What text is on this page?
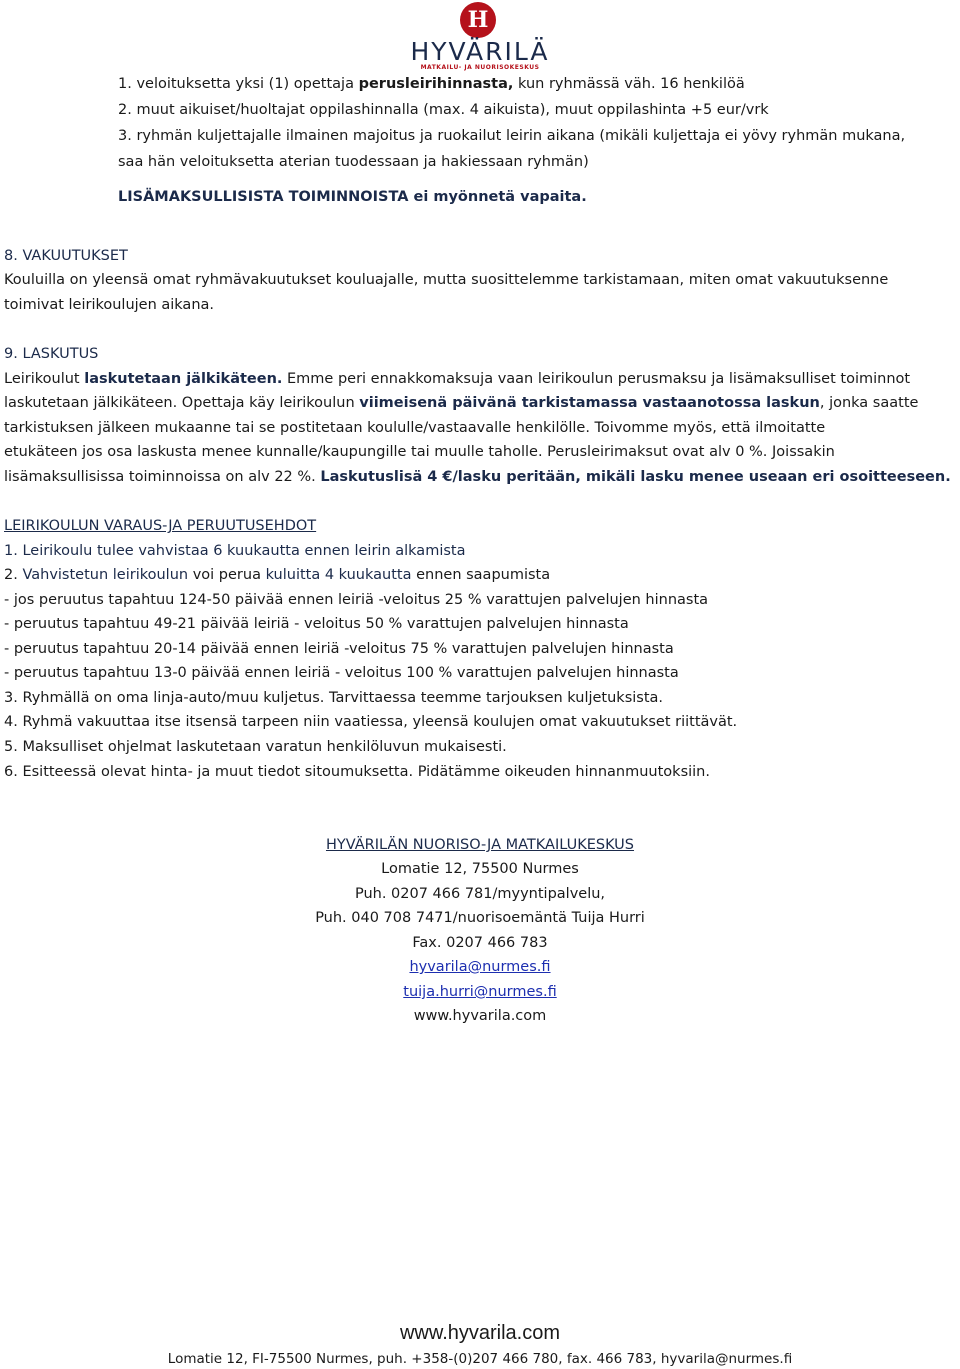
H
HYVÄRILÄ
MATKAILU- JA NUORISOKESKUS
1. veloituksetta yksi (1) opettaja perusleirihinnasta, kun ryhmässä väh. 16 henkilöä
2. muut aikuiset/huoltajat oppilashinnalla (max. 4 aikuista), muut oppilashinta +5 eur/vrk
3. ryhmän kuljettajalle ilmainen majoitus ja ruokailut leirin aikana (mikäli kuljettaja ei yövy ryhmän mukana,
saa hän veloituksetta aterian tuodessaan ja hakiessaan ryhmän)
LISÄMAKSULLISISTA TOIMINNOISTA ei myönnetä vapaita.
8. VAKUUTUKSET
Kouluilla on yleensä omat ryhmävakuutukset kouluajalle, mutta suosittelemme tarkistamaan, miten omat vakuutuksenne
toimivat leirikoulujen aikana.
9. LASKUTUS
Leirikoulut laskutetaan jälkikäteen. Emme peri ennakkomaksuja vaan leirikoulun perusmaksu ja lisämaksulliset toiminnot
laskutetaan jälkikäteen. Opettaja käy leirikoulun viimeisenä päivänä tarkistamassa vastaanotossa laskun, jonka saatte
tarkistuksen jälkeen mukaanne tai se postitetaan koululle/vastaavalle henkilölle. Toivomme myös, että ilmoitatte
etukäteen jos osa laskusta menee kunnalle/kaupungille tai muulle taholle. Perusleirimaksut ovat alv 0 %. Joissakin
lisämaksullisissa toiminnoissa on alv 22 %. Laskutuslisä 4 €/lasku peritään, mikäli lasku menee useaan eri osoitteeseen.
LEIRIKOULUN VARAUS-JA PERUUTUSEHDOT
1. Leirikoulu tulee vahvistaa 6 kuukautta ennen leirin alkamista
2. Vahvistetun leirikoulun voi perua kuluitta 4 kuukautta ennen saapumista
- jos peruutus tapahtuu 124-50 päivää ennen leiriä -veloitus 25 % varattujen palvelujen hinnasta
- peruutus tapahtuu 49-21 päivää leiriä - veloitus 50 % varattujen palvelujen hinnasta
- peruutus tapahtuu 20-14 päivää ennen leiriä -veloitus 75 % varattujen palvelujen hinnasta
- peruutus tapahtuu 13-0 päivää ennen leiriä - veloitus 100 % varattujen palvelujen hinnasta
3. Ryhmällä on oma linja-auto/muu kuljetus. Tarvittaessa teemme tarjouksen kuljetuksista.
4. Ryhmä vakuuttaa itse itsensä tarpeen niin vaatiessa, yleensä koulujen omat vakuutukset riittävät.
5. Maksulliset ohjelmat laskutetaan varatun henkilöluvun mukaisesti.
6. Esitteessä olevat hinta- ja muut tiedot sitoumuksetta. Pidätämme oikeuden hinnanmuutoksiin.
HYVÄRILÄN NUORISO-JA MATKAILUKESKUS
Lomatie 12, 75500 Nurmes
Puh. 0207 466 781/myyntipalvelu,
Puh. 040 708 7471/nuorisoemäntä Tuija Hurri
Fax. 0207 466 783
hyvarila@nurmes.fi
tuija.hurri@nurmes.fi
www.hyvarila.com
www.hyvarila.com
Lomatie 12, FI-75500 Nurmes, puh. +358-(0)207 466 780, fax. 466 783, hyvarila@nurmes.fi
